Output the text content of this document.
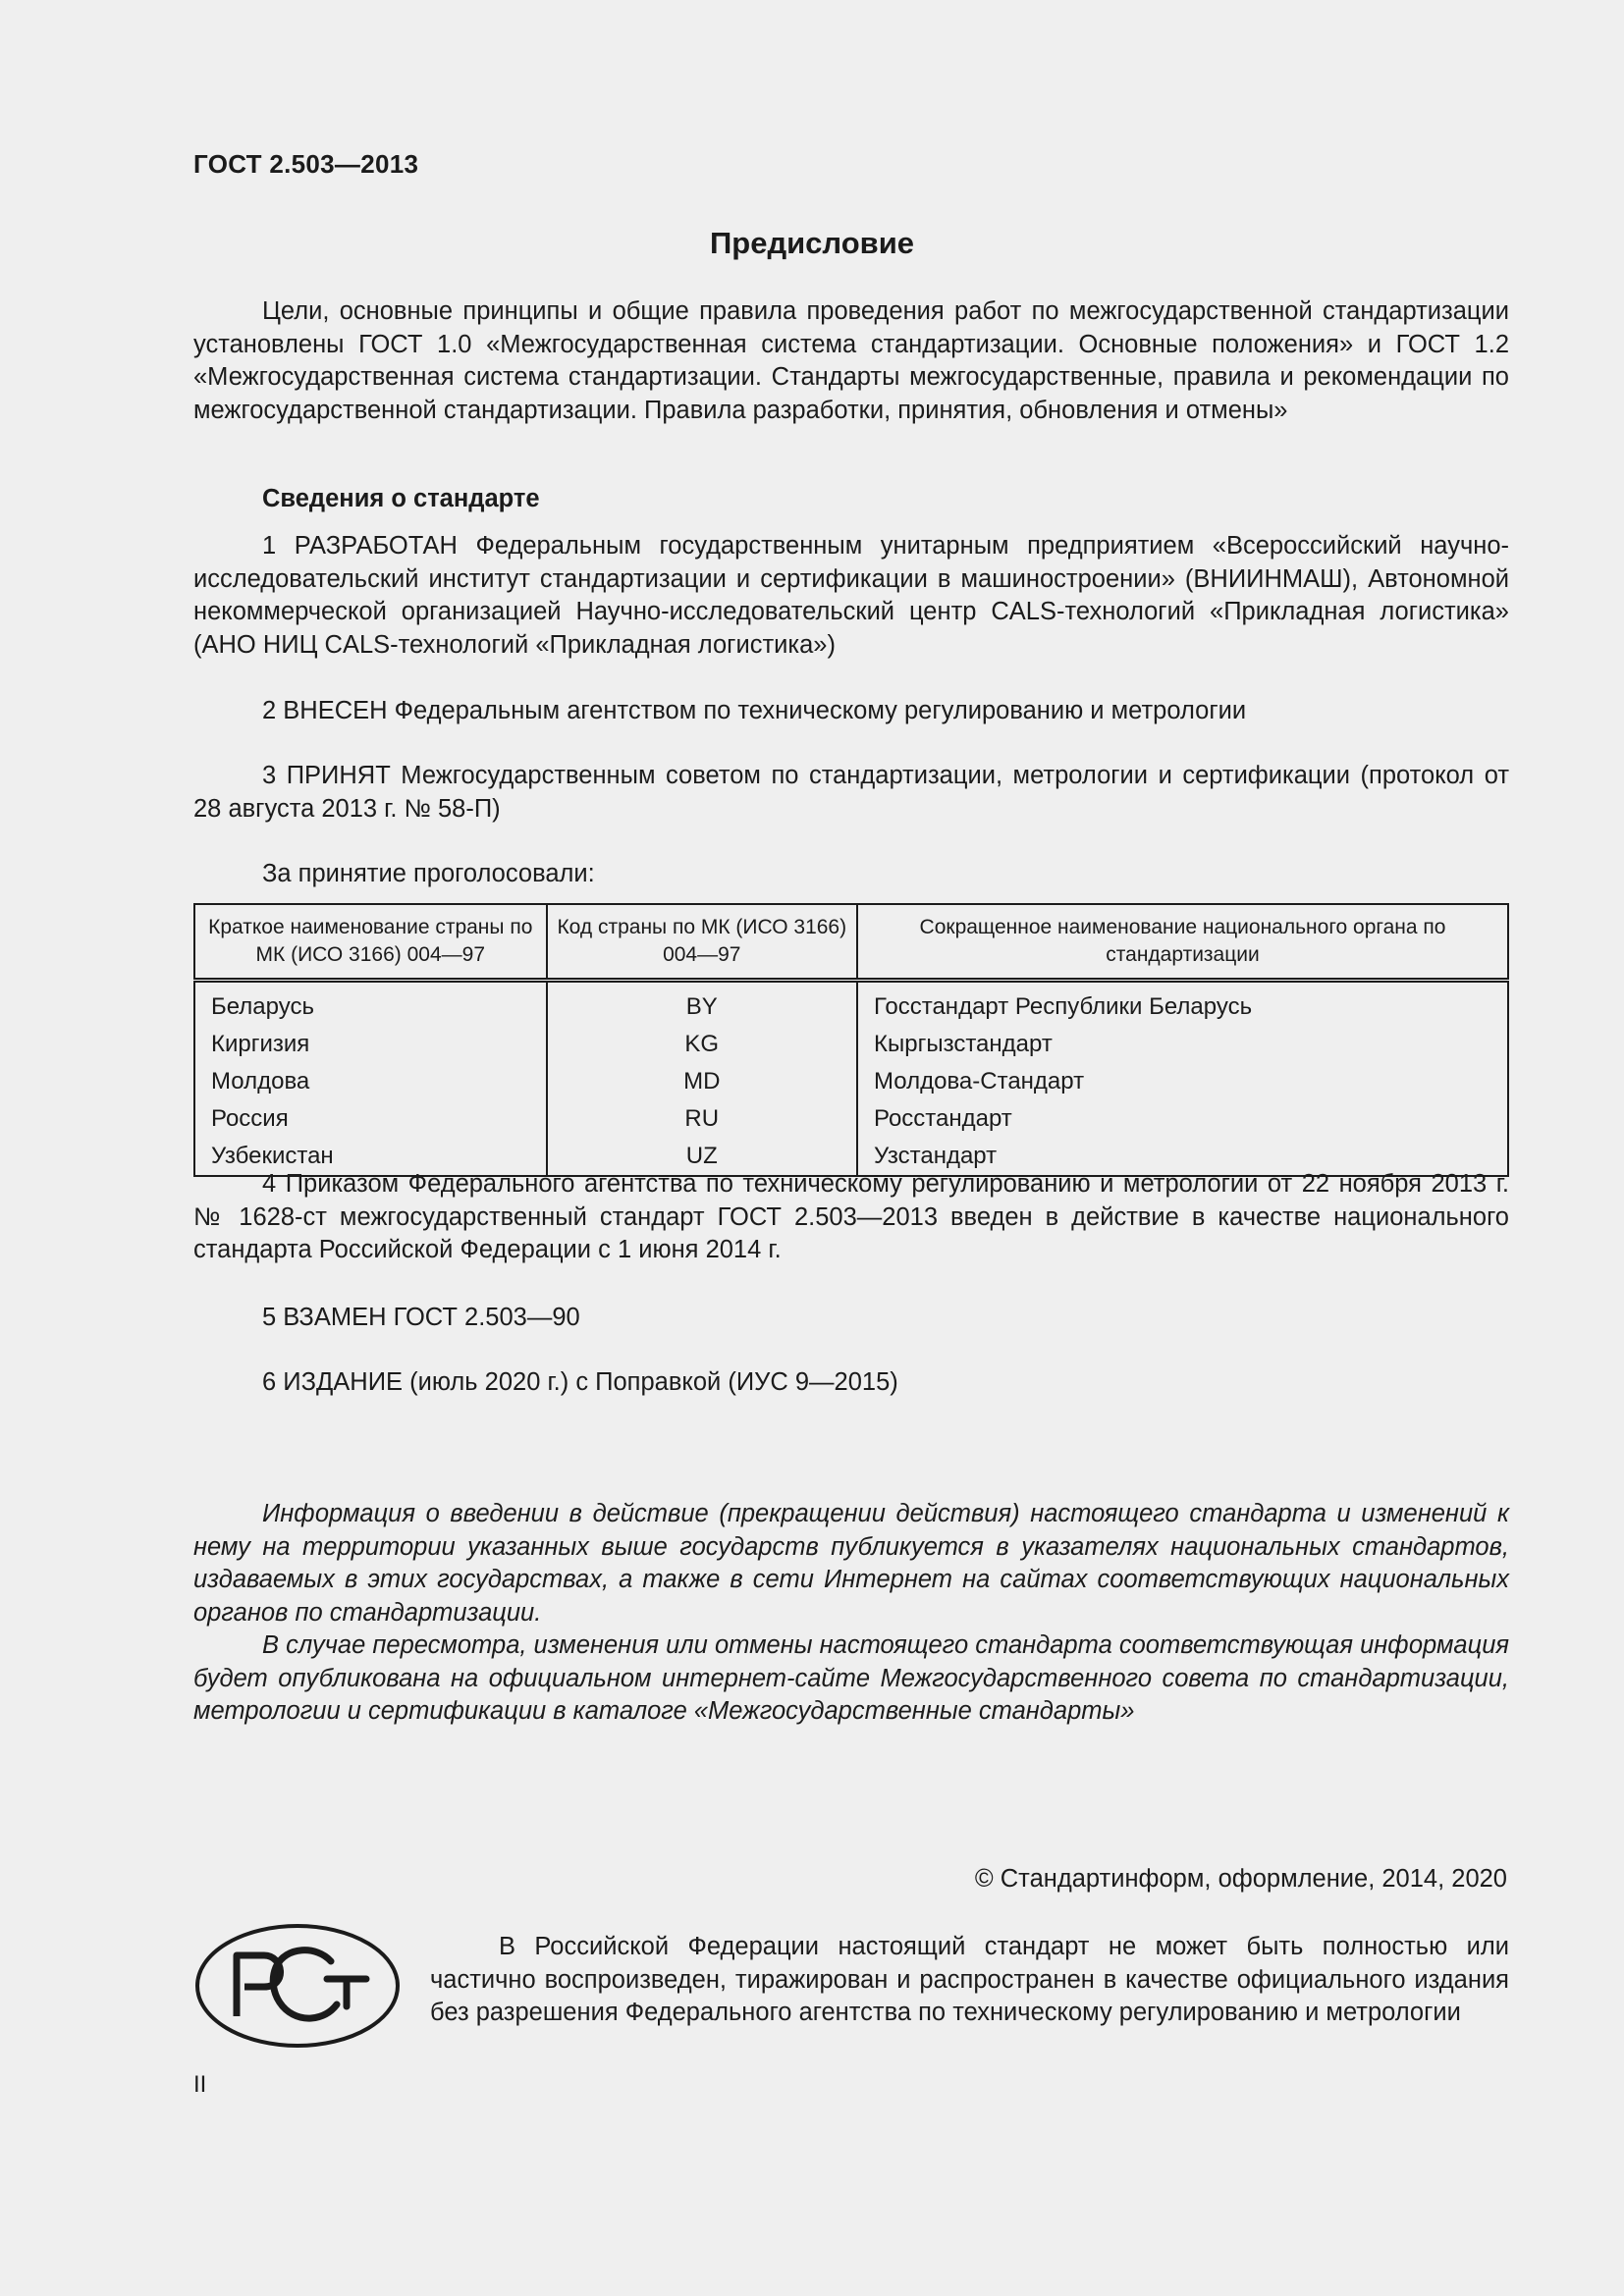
ГОСТ 2.503—2013
Предисловие
Цели, основные принципы и общие правила проведения работ по межгосударственной стандартизации установлены ГОСТ 1.0 «Межгосударственная система стандартизации. Основные положения» и ГОСТ 1.2 «Межгосударственная система стандартизации. Стандарты межгосударственные, правила и рекомендации по межгосударственной стандартизации. Правила разработки, принятия, обновления и отмены»
Сведения о стандарте
1 РАЗРАБОТАН Федеральным государственным унитарным предприятием «Всероссийский научно-исследовательский институт стандартизации и сертификации в машиностроении» (ВНИИНМАШ), Автономной некоммерческой организацией Научно-исследовательский центр CALS-технологий «Прикладная логистика» (АНО НИЦ CALS-технологий «Прикладная логистика»)
2 ВНЕСЕН Федеральным агентством по техническому регулированию и метрологии
3 ПРИНЯТ Межгосударственным советом по стандартизации, метрологии и сертификации (протокол от 28 августа 2013 г. № 58-П)
За принятие проголосовали:
Краткое наименование страны по МК (ИСО 3166) 004—97	Код страны по МК (ИСО 3166) 004—97	Сокращенное наименование национального органа по стандартизации
Беларусь	BY	Госстандарт Республики Беларусь
Киргизия	KG	Кыргызстандарт
Молдова	MD	Молдова-Стандарт
Россия	RU	Росстандарт
Узбекистан	UZ	Узстандарт
4 Приказом Федерального агентства по техническому регулированию и метрологии от 22 ноября 2013 г. № 1628-ст межгосударственный стандарт ГОСТ 2.503—2013 введен в действие в качестве национального стандарта Российской Федерации с 1 июня 2014 г.
5 ВЗАМЕН ГОСТ 2.503—90
6 ИЗДАНИЕ (июль 2020 г.) с Поправкой (ИУС 9—2015)
Информация о введении в действие (прекращении действия) настоящего стандарта и изменений к нему на территории указанных выше государств публикуется в указателях национальных стандартов, издаваемых в этих государствах, а также в сети Интернет на сайтах соответствующих национальных органов по стандартизации.
В случае пересмотра, изменения или отмены настоящего стандарта соответствующая информация будет опубликована на официальном интернет-сайте Межгосударственного совета по стандартизации, метрологии и сертификации в каталоге «Межгосударственные стандарты»
© Стандартинформ, оформление, 2014, 2020
В Российской Федерации настоящий стандарт не может быть полностью или частично воспроизведен, тиражирован и распространен в качестве официального издания без разрешения Федерального агентства по техническому регулированию и метрологии
II
